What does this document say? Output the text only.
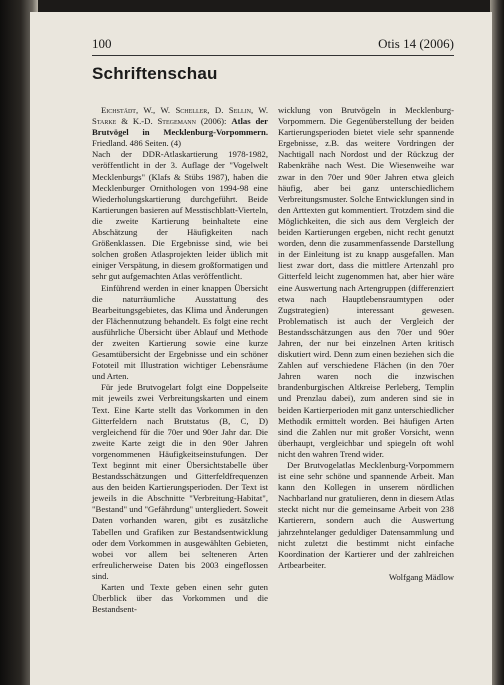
100	Otis 14 (2006)
Schriftenschau

Eichstädt, W., W. Scheller, D. Sellin, W. Starke & K.-D. Stegemann (2006): Atlas der Brutvögel in Mecklenburg-Vorpommern. Friedland. 486 Seiten. (4)

Nach der DDR-Atlaskartierung 1978-1982, veröffentlicht in der 3. Auflage der "Vogelwelt Mecklenburgs" (Klafs & Stübs 1987), haben die Mecklenburger Ornithologen von 1994-98 eine Wiederholungskartierung durchgeführt. Beide Kartierungen basieren auf Messtischblatt-Vierteln, die zweite Kartierung beinhaltete eine Abschätzung der Häufigkeiten nach Größenklassen. Die Ergebnisse sind, wie bei solchen großen Atlasprojekten leider üblich mit einiger Verspätung, in diesem großformatigen und sehr gut aufgemachten Atlas veröffentlicht.

Einführend werden in einer knappen Übersicht die naturräumliche Ausstattung des Bearbeitungsgebietes, das Klima und Änderungen der Flächennutzung behandelt. Es folgt eine recht ausführliche Übersicht über Ablauf und Methode der zweiten Kartierung sowie eine kurze Gesamtübersicht der Ergebnisse und ein schöner Fototeil mit Illustration wichtiger Lebensräume und Arten.

Für jede Brutvogelart folgt eine Doppelseite mit jeweils zwei Verbreitungskarten und einem Text. Eine Karte stellt das Vorkommen in den Gitterfeldern nach Brutstatus (B, C, D) vergleichend für die 70er und 90er Jahr dar. Die zweite Karte zeigt die in den 90er Jahren vorgenommenen Häufigkeitseinstufungen. Der Text beginnt mit einer Übersichtstabelle über Bestandsschätzungen und Gitterfeldfrequenzen aus den beiden Kartierungsperioden. Der Text ist jeweils in die Abschnitte "Verbreitung-Habitat", "Bestand" und "Gefährdung" untergliedert. Soweit Daten vorhanden waren, gibt es zusätzliche Tabellen und Grafiken zur Bestandsentwicklung oder dem Vorkommen in ausgewählten Gebieten, wobei vor allem bei selteneren Arten erfreulicherweise Daten bis 2003 eingeflossen sind.

Karten und Texte geben einen sehr guten Überblick über das Vorkommen und die Bestandsent-

wicklung von Brutvögeln in Mecklenburg-Vorpommern. Die Gegenüberstellung der beiden Kartierungsperioden bietet viele sehr spannende Ergebnisse, z.B. das weitere Vordringen der Nachtigall nach Nordost und der Rückzug der Rabenkrähe nach West. Die Wiesenweihe war zwar in den 70er und 90er Jahren etwa gleich häufig, aber bei ganz unterschiedlichem Verbreitungsmuster. Solche Entwicklungen sind in den Arttexten gut kommentiert. Trotzdem sind die Möglichkeiten, die sich aus dem Vergleich der beiden Kartierungen ergeben, nicht recht genutzt worden, denn die zusammenfassende Darstellung in der Einleitung ist zu knapp ausgefallen. Man liest zwar dort, dass die mittlere Artenzahl pro Gitterfeld leicht zugenommen hat, aber hier wäre eine Auswertung nach Artengruppen (differenziert etwa nach Hauptlebensraumtypen oder Zugstrategien) interessant gewesen. Problematisch ist auch der Vergleich der Bestandsschätzungen aus den 70er und 90er Jahren, der nur bei einzelnen Arten kritisch diskutiert wird. Denn zum einen beziehen sich die Zahlen auf verschiedene Flächen (in den 70er Jahren waren noch die inzwischen brandenburgischen Altkreise Perleberg, Templin und Prenzlau dabei), zum anderen sind sie in beiden Kartierperioden mit ganz unterschiedlicher Methodik ermittelt worden. Bei häufigen Arten sind die Zahlen nur mit großer Vorsicht, wenn überhaupt, vergleichbar und spiegeln oft wohl nicht den wahren Trend wider.

Der Brutvogelatlas Mecklenburg-Vorpommern ist eine sehr schöne und spannende Arbeit. Man kann den Kollegen in unserem nördlichen Nachbarland nur gratulieren, denn in diesem Atlas steckt nicht nur die gemeinsame Arbeit von 238 Kartierern, sondern auch die Auswertung jahrzehntelanger geduldiger Datensammlung und nicht zuletzt die bestimmt nicht einfache Koordination der Kartierer und der zahlreichen Artbearbeiter.

Wolfgang Mädlow
